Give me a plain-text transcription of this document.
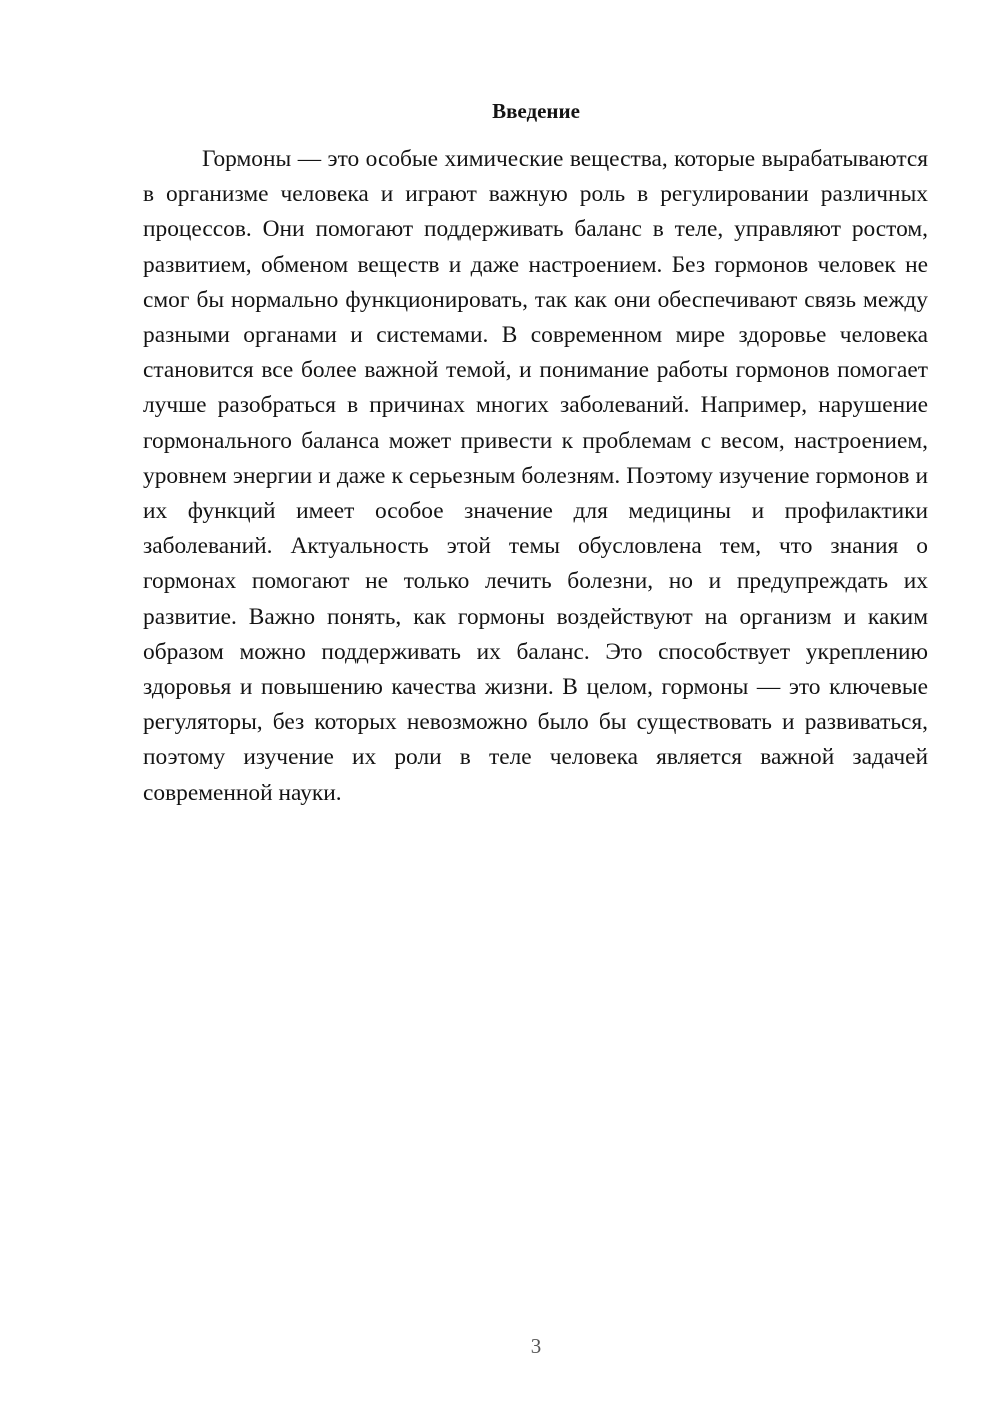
Введение

Гормоны — это особые химические вещества, которые вырабатываются в организме человека и играют важную роль в регулировании различных процессов. Они помогают поддерживать баланс в теле, управляют ростом, развитием, обменом веществ и даже настроением. Без гормонов человек не смог бы нормально функционировать, так как они обеспечивают связь между разными органами и системами. В современном мире здоровье человека становится все более важной темой, и понимание работы гормонов помогает лучше разобраться в причинах многих заболеваний. Например, нарушение гормонального баланса может привести к проблемам с весом, настроением, уровнем энергии и даже к серьезным болезням. Поэтому изучение гормонов и их функций имеет особое значение для медицины и профилактики заболеваний. Актуальность этой темы обусловлена тем, что знания о гормонах помогают не только лечить болезни, но и предупреждать их развитие. Важно понять, как гормоны воздействуют на организм и каким образом можно поддерживать их баланс. Это способствует укреплению здоровья и повышению качества жизни. В целом, гормоны — это ключевые регуляторы, без которых невозможно было бы существовать и развиваться, поэтому изучение их роли в теле человека является важной задачей современной науки.

3
